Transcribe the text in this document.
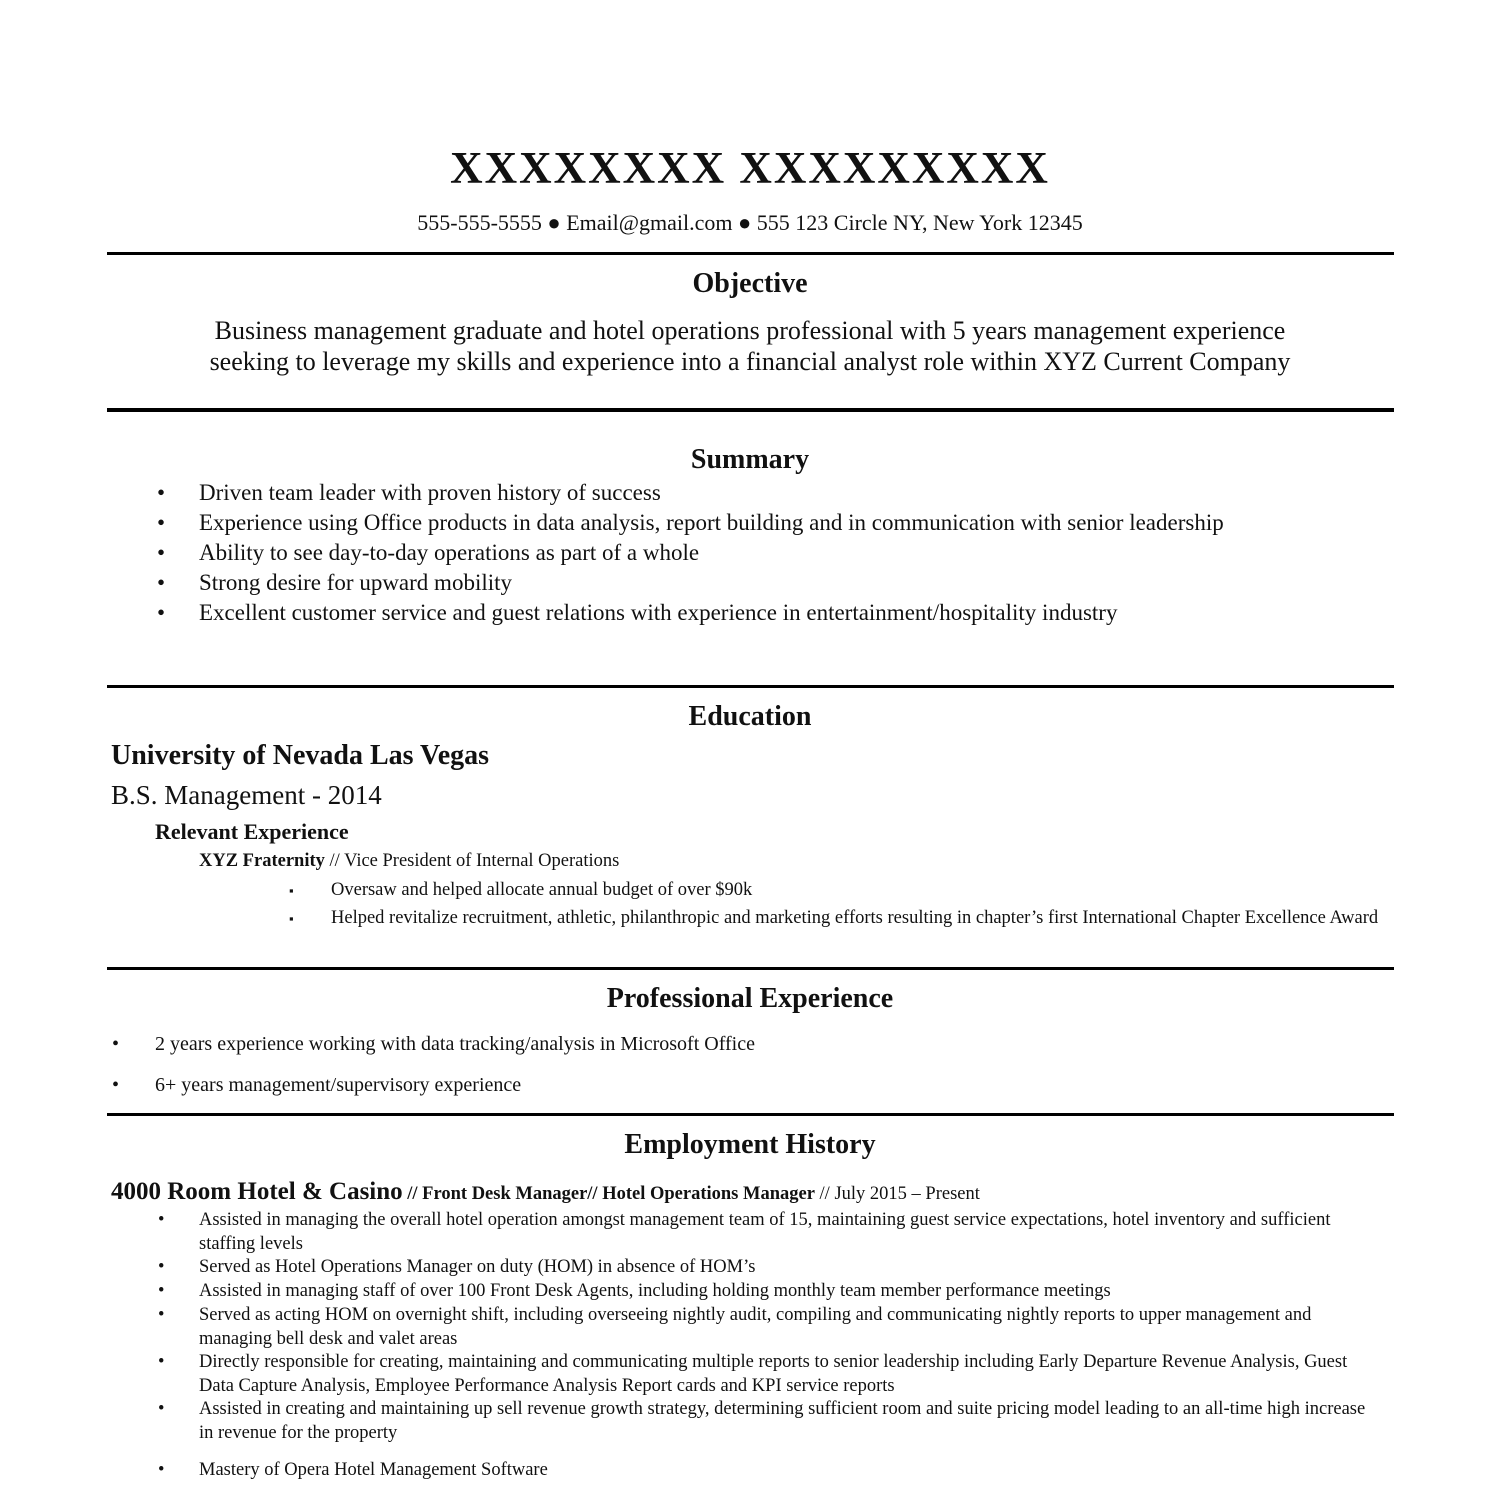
XXXXXXXX XXXXXXXXX
555-555-5555 ● Email@gmail.com ● 555 123 Circle NY, New York 12345
Objective
Business management graduate and hotel operations professional with 5 years management experience
seeking to leverage my skills and experience into a financial analyst role within XYZ Current Company
Summary
• Driven team leader with proven history of success
• Experience using Office products in data analysis, report building and in communication with senior leadership
• Ability to see day-to-day operations as part of a whole
• Strong desire for upward mobility
• Excellent customer service and guest relations with experience in entertainment/hospitality industry
Education
University of Nevada Las Vegas
B.S. Management - 2014
Relevant Experience
XYZ Fraternity // Vice President of Internal Operations
▪ Oversaw and helped allocate annual budget of over $90k
▪ Helped revitalize recruitment, athletic, philanthropic and marketing efforts resulting in chapter’s first International Chapter Excellence Award
Professional Experience
• 2 years experience working with data tracking/analysis in Microsoft Office
• 6+ years management/supervisory experience
Employment History
4000 Room Hotel & Casino // Front Desk Manager// Hotel Operations Manager // July 2015 – Present
• Assisted in managing the overall hotel operation amongst management team of 15, maintaining guest service expectations, hotel inventory and sufficient staffing levels
• Served as Hotel Operations Manager on duty (HOM) in absence of HOM’s
• Assisted in managing staff of over 100 Front Desk Agents, including holding monthly team member performance meetings
• Served as acting HOM on overnight shift, including overseeing nightly audit, compiling and communicating nightly reports to upper management and managing bell desk and valet areas
• Directly responsible for creating, maintaining and communicating multiple reports to senior leadership including Early Departure Revenue Analysis, Guest Data Capture Analysis, Employee Performance Analysis Report cards and KPI service reports
• Assisted in creating and maintaining up sell revenue growth strategy, determining sufficient room and suite pricing model leading to an all-time high increase in revenue for the property
• Mastery of Opera Hotel Management Software
